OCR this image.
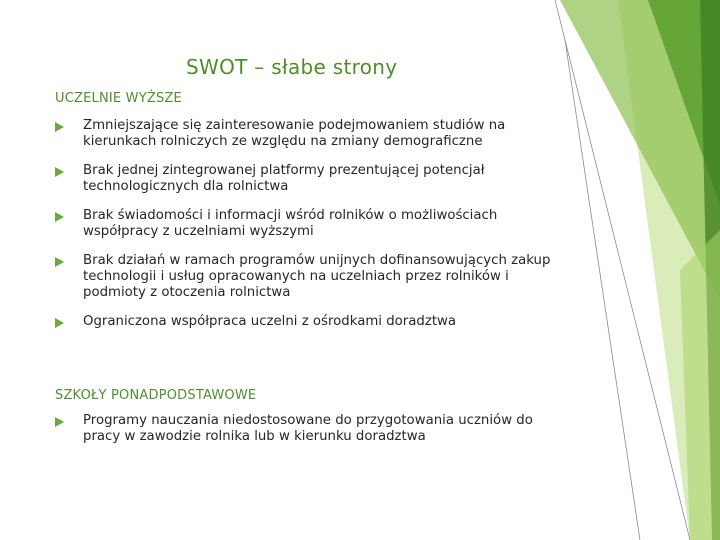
SWOT – słabe strony
UCZELNIE WYŻSZE
Zmniejszające się zainteresowanie podejmowaniem studiów na kierunkach rolniczych ze względu na zmiany demograficzne
Brak jednej zintegrowanej platformy prezentującej potencjał technologicznych dla rolnictwa
Brak świadomości i informacji wśród rolników o możliwościach współpracy z uczelniami wyższymi
Brak działań w ramach programów unijnych dofinansowujących zakup technologii i usług opracowanych na uczelniach przez rolników i podmioty z otoczenia rolnictwa
Ograniczona współpraca uczelni z ośrodkami doradztwa
SZKOŁY PONADPODSTAWOWE
Programy nauczania niedostosowane do przygotowania uczniów do pracy w zawodzie rolnika lub w kierunku doradztwa
